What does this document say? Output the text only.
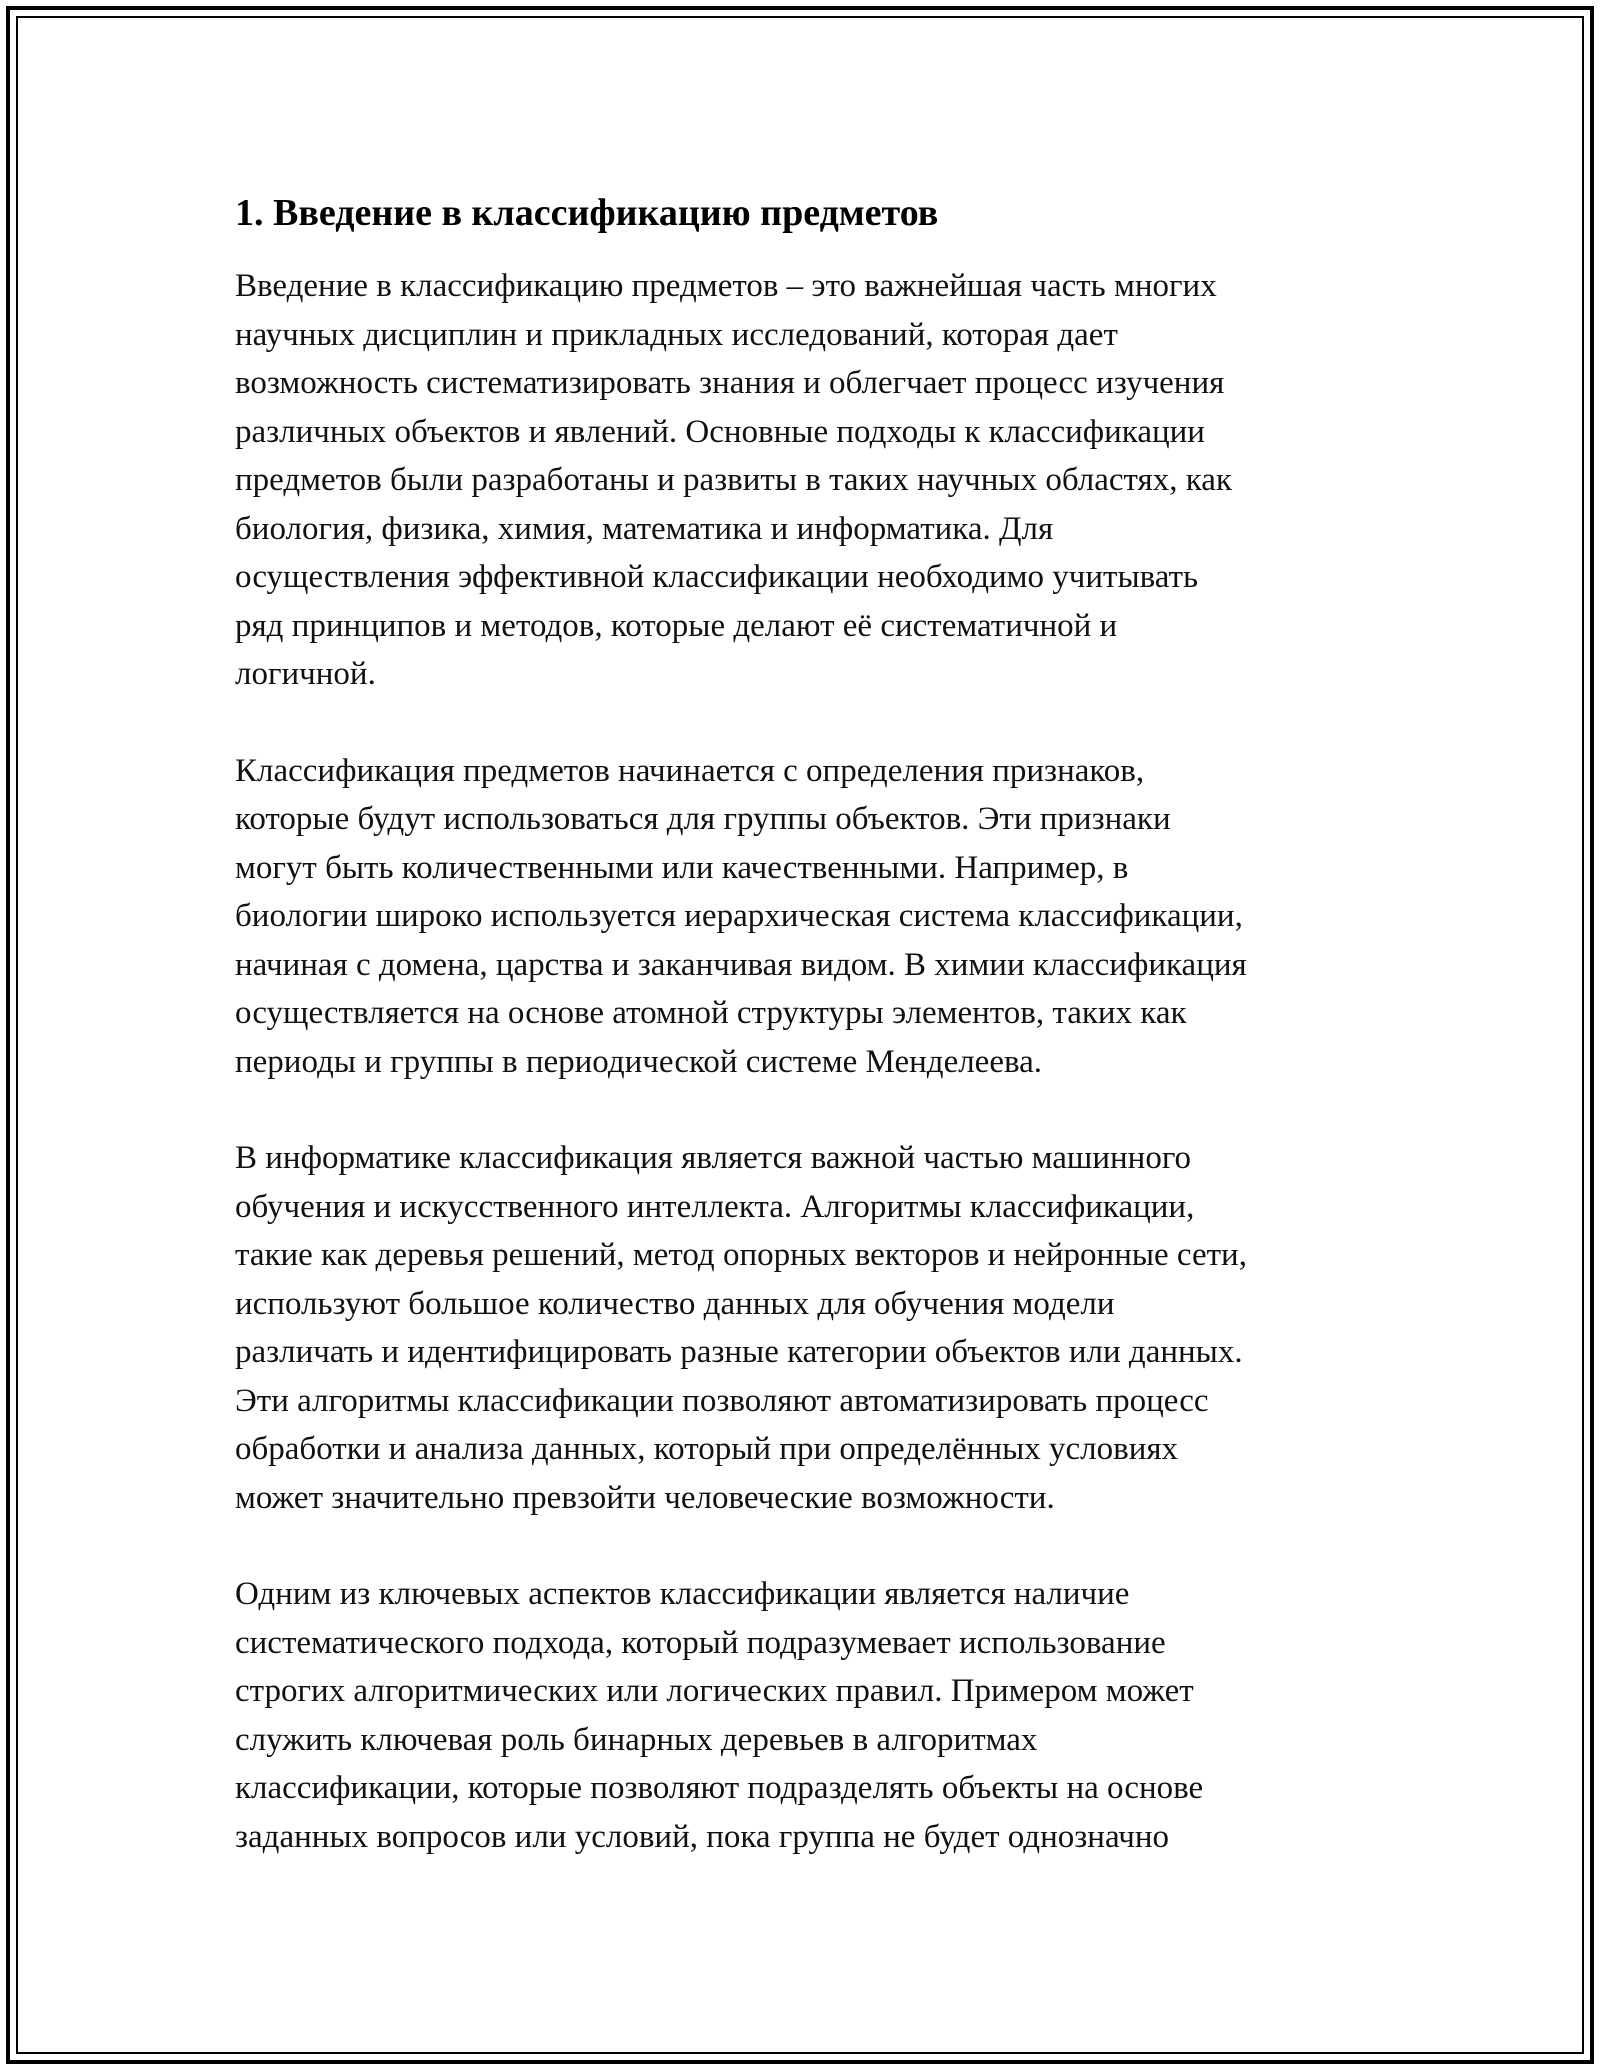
1. Введение в классификацию предметов

Введение в классификацию предметов – это важнейшая часть многих
научных дисциплин и прикладных исследований, которая дает
возможность систематизировать знания и облегчает процесс изучения
различных объектов и явлений. Основные подходы к классификации
предметов были разработаны и развиты в таких научных областях, как
биология, физика, химия, математика и информатика. Для
осуществления эффективной классификации необходимо учитывать
ряд принципов и методов, которые делают её систематичной и
логичной.

Классификация предметов начинается с определения признаков,
которые будут использоваться для группы объектов. Эти признаки
могут быть количественными или качественными. Например, в
биологии широко используется иерархическая система классификации,
начиная с домена, царства и заканчивая видом. В химии классификация
осуществляется на основе атомной структуры элементов, таких как
периоды и группы в периодической системе Менделеева.

В информатике классификация является важной частью машинного
обучения и искусственного интеллекта. Алгоритмы классификации,
такие как деревья решений, метод опорных векторов и нейронные сети,
используют большое количество данных для обучения модели
различать и идентифицировать разные категории объектов или данных.
Эти алгоритмы классификации позволяют автоматизировать процесс
обработки и анализа данных, который при определённых условиях
может значительно превзойти человеческие возможности.

Одним из ключевых аспектов классификации является наличие
систематического подхода, который подразумевает использование
строгих алгоритмических или логических правил. Примером может
служить ключевая роль бинарных деревьев в алгоритмах
классификации, которые позволяют подразделять объекты на основе
заданных вопросов или условий, пока группа не будет однозначно
